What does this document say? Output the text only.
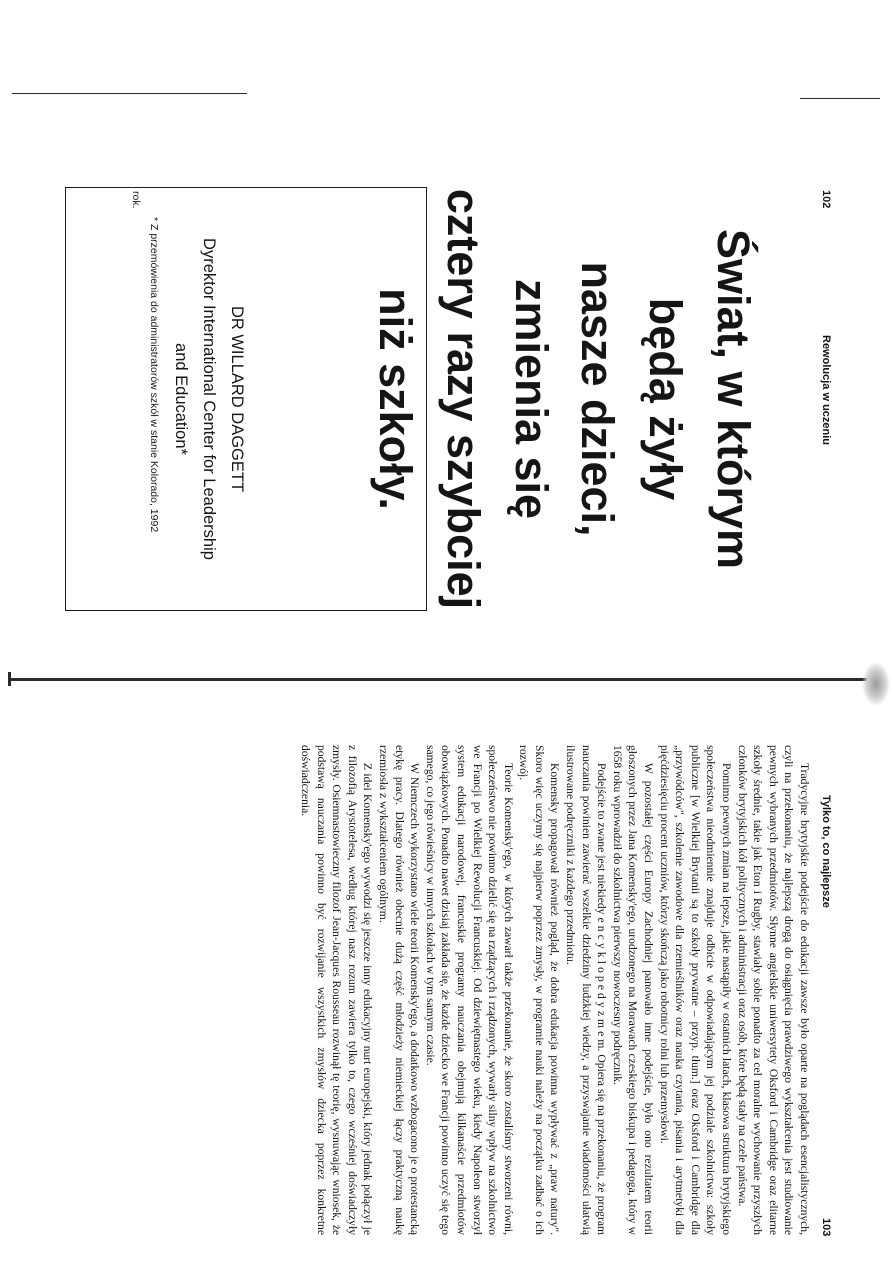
102
Rewolucja w uczeniu
Świat, w którym
będą żyły
nasze dzieci,
zmienia się
cztery razy szybciej
niż szkoły.
DR WILLARD DAGGETT
Dyrektor International Center for Leadership
and Education*
* Z przemówienia do administratorów szkół w stanie Kolorado, 1992
rok.
Tylko to, co najlepsze
103

Tradycyjne brytyjskie podejście do edukacji zawsze było oparte na poglądach esencjalistycznych, czyli na przekonaniu, że najlepszą drogą do osiągnięcia prawdziwego wykształcenia jest studiowanie pewnych wybranych przedmiotów. Słynne angielskie uniwersytety Oksford i Cambridge oraz elitarne szkoły średnie, takie jak Eton i Rugby, stawiały sobie ponadto za cel moralne wychowanie przyszłych członków brytyjskich kół politycznych i administracji oraz osób, które będą stały na czele państwa.

Pomimo pewnych zmian na lepsze, jakie nastąpiły w ostatnich latach, klasowa struktura brytyjskiego społeczeństwa nieodmiennie znajduje odbicie w odpowiadającym jej podziale szkolnictwa: szkoły publiczne [w Wielkiej Brytanii są to szkoły prywatne – przyp. tłum.] oraz Oksford i Cambridge dla „przywódców", szkolenie zawodowe dla rzemieślników oraz nauka czytania, pisania i arytmetyki dla pięćdziesięciu procent uczniów, którzy skończą jako robotnicy rolni lub przemysłowi.

W pozostałej części Europy Zachodniej panowało inne podejście, było ono rezultatem teorii głoszonych przez Jana Komensky'ego, urodzonego na Morawach czeskiego biskupa i pedagoga, który w 1658 roku wprowadził do szkolnictwa pierwszy nowoczesny podręcznik.

Podejście to zwane jest niekiedy e n c y k l o p e d y z m e m. Opiera się na przekonaniu, że program nauczania powinien zawierać wszelkie dziedziny ludzkiej wiedzy, a przyswajanie wiadomości ułatwią ilustrowane podręczniki z każdego przedmiotu.

Komensky propagował również pogląd, że dobra edukacja powinna wypływać z „praw natury". Skoro więc uczymy się najpierw poprzez zmysły, w programie nauki należy na początku zadbać o ich rozwój.

Teorie Komensky'ego, w których zawarł także przekonanie, że skoro zostaliśmy stworzeni równi, społeczeństwo nie powinno dzielić się na rządzących i rządzonych, wywarły silny wpływ na szkolnictwo we Francji po Wielkiej Rewolucji Francuskiej. Od dziewiętnastego wieku, kiedy Napoleon stworzył system edukacji narodowej, francuskie programy nauczania obejmują kilkanaście przedmiotów obowiązkowych. Ponadto nawet dzisiaj zakłada się, że każde dziecko we Francji powinno uczyć się tego samego, co jego rówieśnicy w innych szkołach w tym samym czasie.

W Niemczech wykorzystano wiele teorii Komensky'ego, a dodatkowo wzbogacono je o protestancką etykę pracy. Dlatego również obecnie dużą część młodzieży niemieckiej łączy praktyczną naukę rzemiosła z wykształceniem ogólnym.

Z idei Komensky'ego wywodzi się jeszcze inny edukacyjny nurt europejski, który jednak połączył je z filozofią Arystotelesa, według której nasz rozum zawiera tylko to, czego wcześniej doświadczyły zmysły. Osiemnastowieczny filozof Jean-Jacques Rousseau rozwinął tę teorię, wysnuwając wniosek, że podstawą nauczania powinno być rozwijanie wszystkich zmysłów dziecka poprzez konkretne doświadczenia.
